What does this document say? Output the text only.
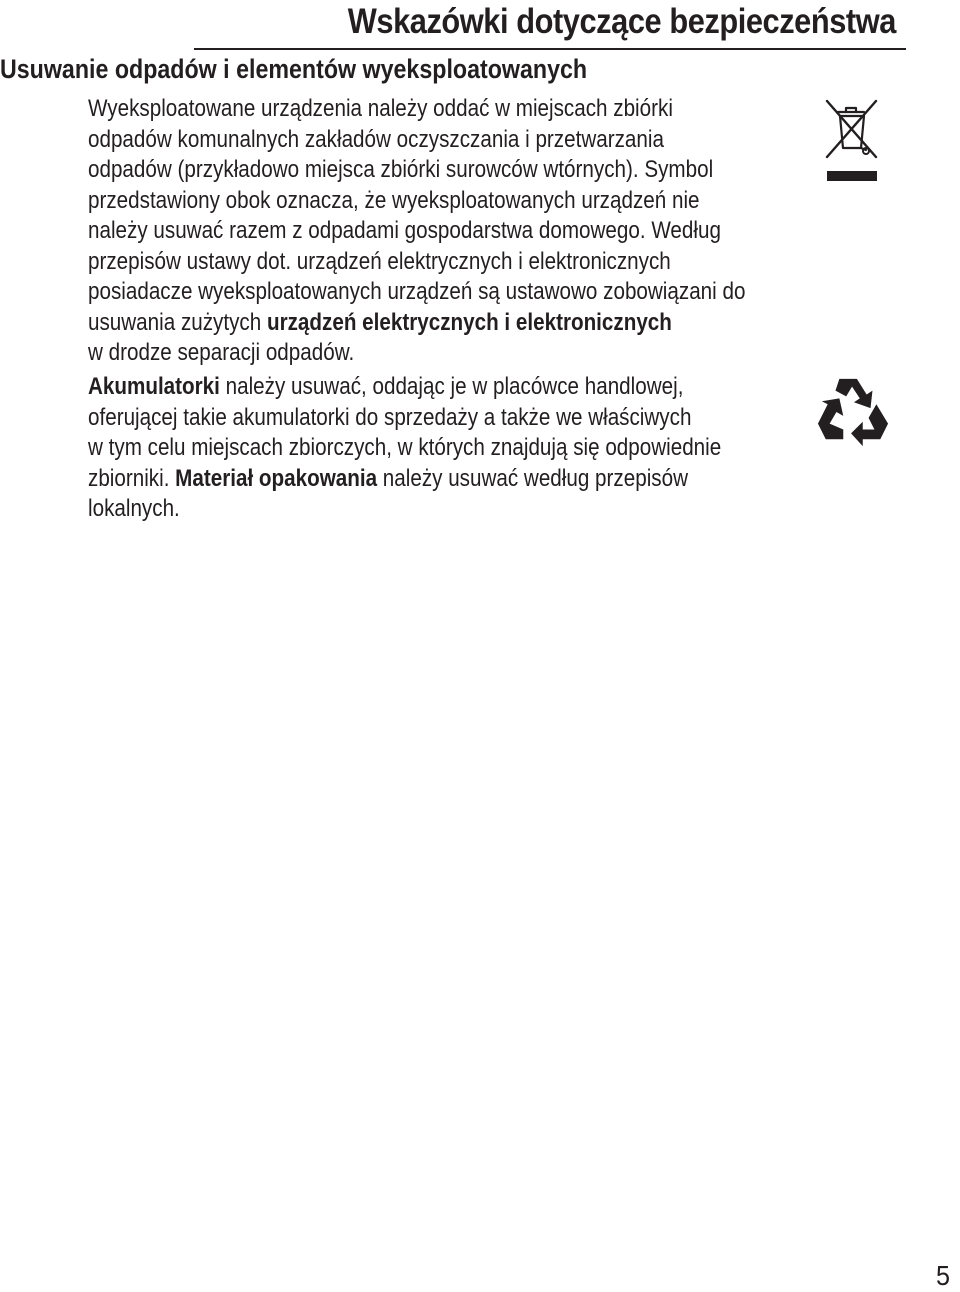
Wskazówki dotyczące bezpieczeństwa
Usuwanie odpadów i elementów wyeksploatowanych

Wyeksploatowane urządzenia należy oddać w miejscach zbiórki
odpadów komunalnych zakładów oczyszczania i przetwarzania
odpadów (przykładowo miejsca zbiórki surowców wtórnych). Symbol
przedstawiony obok oznacza, że wyeksploatowanych urządzeń nie
należy usuwać razem z odpadami gospodarstwa domowego. Według
przepisów ustawy dot. urządzeń elektrycznych i elektronicznych
posiadacze wyeksploatowanych urządzeń są ustawowo zobowiązani do
usuwania zużytych urządzeń elektrycznych i elektronicznych
w drodze separacji odpadów.

Akumulatorki należy usuwać, oddając je w placówce handlowej,
oferującej takie akumulatorki do sprzedaży a także we właściwych
w tym celu miejscach zbiorczych, w których znajdują się odpowiednie
zbiorniki. Materiał opakowania należy usuwać według przepisów
lokalnych.

5
